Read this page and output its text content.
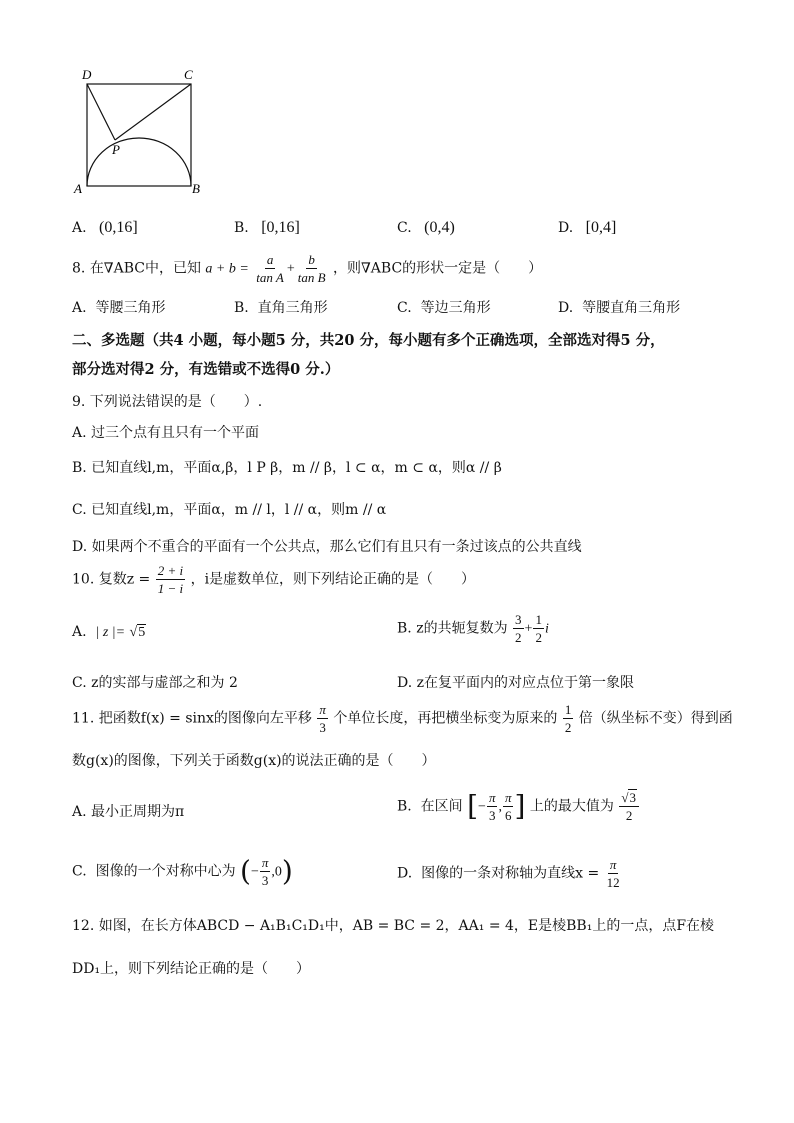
D	C
P
A	B
A. (0,16]	B. [0,16]	C. (0,4)	D. [0,4]
8. 在∇ABC中，已知 $a + b = \frac{a}{\text{tan A}} + \frac{b}{\text{tan B}}$ ，则∇ABC的形状一定是（　　）
A. 等腰三角形	B. 直角三角形	C. 等边三角形	D. 等腰直角三角形
二、多选题（共4 小题，每小题5 分，共20 分，每小题有多个正确选项，全部选对得5 分，
部分选对得2 分，有选错或不选得0 分.）
9. 下列说法错误的是（　　）.
A. 过三个点有且只有一个平面
B. 已知直线l,m，平面α,β，l P β，m // β，l ⊂ α，m ⊂ α，则α // β
C. 已知直线l,m，平面α，m // l，l // α，则m // α
D. 如果两个不重合的平面有一个公共点，那么它们有且只有一条过该点的公共直线
10. 复数$z = \frac{2 + i}{1 - i}$ ，i是虚数单位，则下列结论正确的是（　　）
A. | z |= √5	B. z的共轭复数为 $\frac{3}{2} + \frac{1}{2}$ i
C. z的实部与虚部之和为 2	D. z在复平面内的对应点位于第一象限
11. 把函数f(x) = sinx的图像向左平移 $\frac{\pi}{3}$ 个单位长度，再把横坐标变为原来的 $\frac{1}{2}$ 倍（纵坐标不变）得到函
数g(x)的图像，下列关于函数g(x)的说法正确的是（　　）
A. 最小正周期为π	B. 在区间 [− $\frac{\pi}{3}$ , $\frac{\pi}{6}$ ] 上的最大值为 $\frac{√3}{2}$
C. 图像的一个对称中心为 (− $\frac{\pi}{3} ,0$)	D. 图像的一条对称轴为直线$x = \frac{\pi}{12}$
12. 如图，在长方体ABCD − A₁B₁C₁D₁中，AB = BC = 2，AA₁ = 4，E是棱BB₁上的一点，点F在棱
DD₁上，则下列结论正确的是（　　）
